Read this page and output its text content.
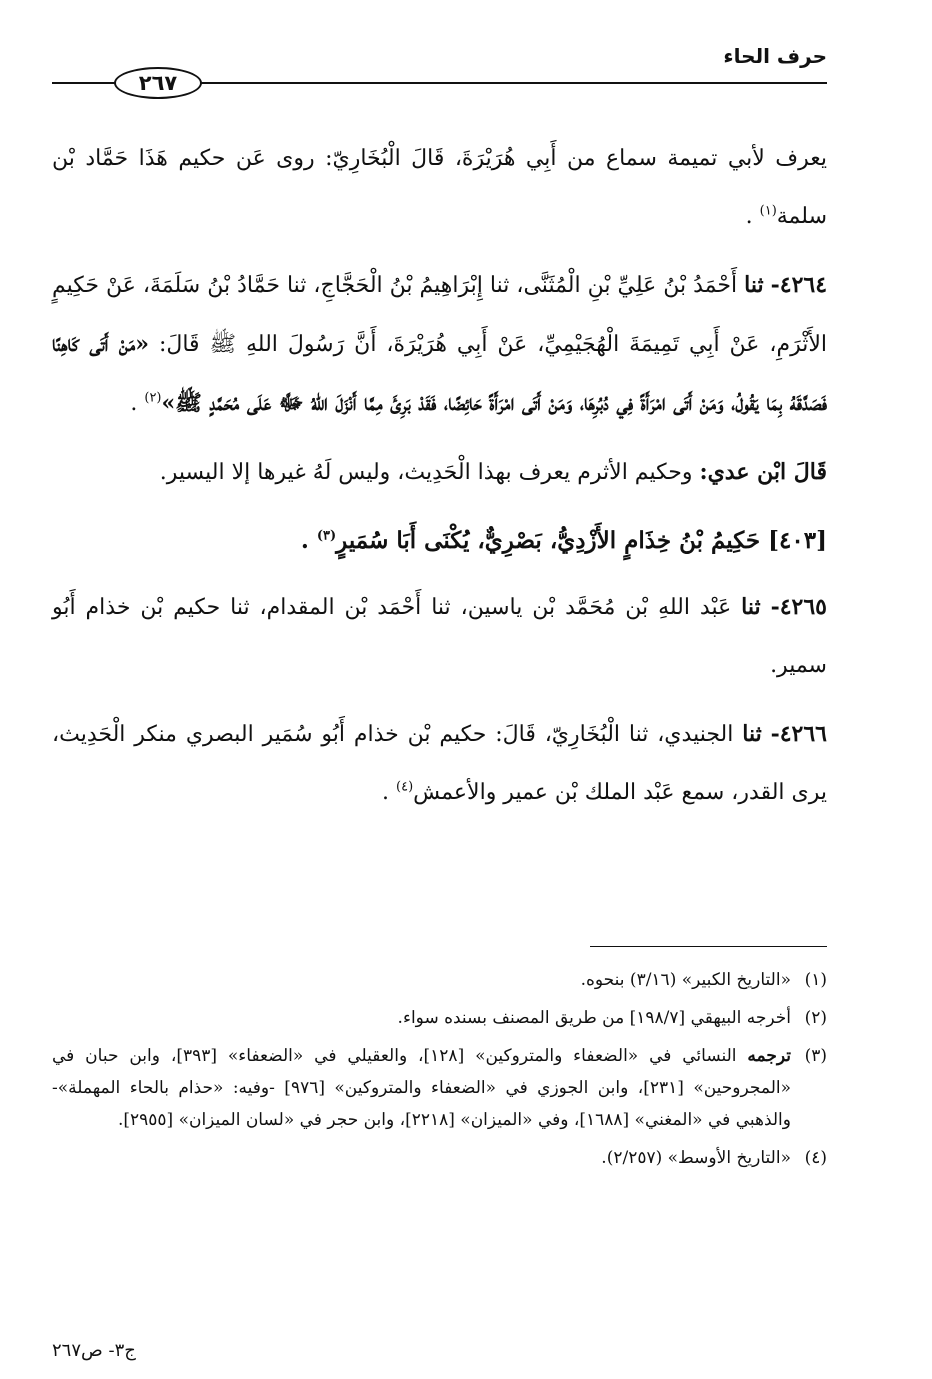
حرف الحاء
٢٦٧

يعرف لأبي تميمة سماع من أَبِي هُرَيْرَةَ، قَالَ الْبُخَارِيّ: روى عَن حكيم هَذَا حَمَّاد بْن سلمة$^{(١)}$ .

٤٢٦٤- ثنا أَحْمَدُ بْنُ عَلِيِّ بْنِ الْمُثَنَّى، ثنا إِبْرَاهِيمُ بْنُ الْحَجَّاجِ، ثنا حَمَّادُ بْنُ سَلَمَةَ، عَنْ حَكِيمٍ الأَثْرَمِ، عَنْ أَبِي تَمِيمَةَ الْهُجَيْمِيِّ، عَنْ أَبِي هُرَيْرَةَ، أَنَّ رَسُولَ اللهِ ﷺ قَالَ: «مَنْ أَتَى كَاهِنًا فَصَدَّقَهُ بِمَا يَقُولُ، وَمَنْ أَتَى امْرَأَةً فِي دُبُرِهَا، وَمَنْ أَتَى امْرَأَةً حَائِضًا، فَقَدْ بَرِئَ مِمَّا أَنْزَلَ اللهُ ﷻ عَلَى مُحَمَّدٍ ﷺ»$^{(٢)}$ .

قَالَ ابْن عدي: وحكيم الأثرم يعرف بهذا الْحَدِيث، وليس لَهُ غيرها إلا اليسير.

[٤٠٣] حَكِيمُ بْنُ خِذَامٍ الأَزْدِيُّ، بَصْرِيٌّ، يُكْنَى أَبَا سُمَيرٍ$^{(٣)}$ .

٤٢٦٥- ثنا عَبْد اللهِ بْن مُحَمَّد بْن ياسين، ثنا أَحْمَد بْن المقدام، ثنا حكيم بْن خذام أَبُو سمير.

٤٢٦٦- ثنا الجنيدي، ثنا الْبُخَارِيّ، قَالَ: حكيم بْن خذام أَبُو سُمَير البصري منكر الْحَدِيث، يرى القدر، سمع عَبْد الملك بْن عمير والأعمش$^{(٤)}$ .

(١)
«التاريخ الكبير» (٣/١٦) بنحوه.
(٢)
أخرجه البيهقي [١٩٨/٧] من طريق المصنف بسنده سواء.
(٣)
ترجمه النسائي في «الضعفاء والمتروكين» [١٢٨]، والعقيلي في «الضعفاء» [٣٩٣]، وابن حبان في «المجروحين» [٢٣١]، وابن الجوزي في «الضعفاء والمتروكين» [٩٧٦] -وفيه: «حذام بالحاء المهملة»- والذهبي في «المغني» [١٦٨٨]، وفي «الميزان» [٢٢١٨]، وابن حجر في «لسان الميزان» [٢٩٥٥].
(٤)
«التاريخ الأوسط» (٢/٢٥٧).
ج٣- ص٢٦٧
